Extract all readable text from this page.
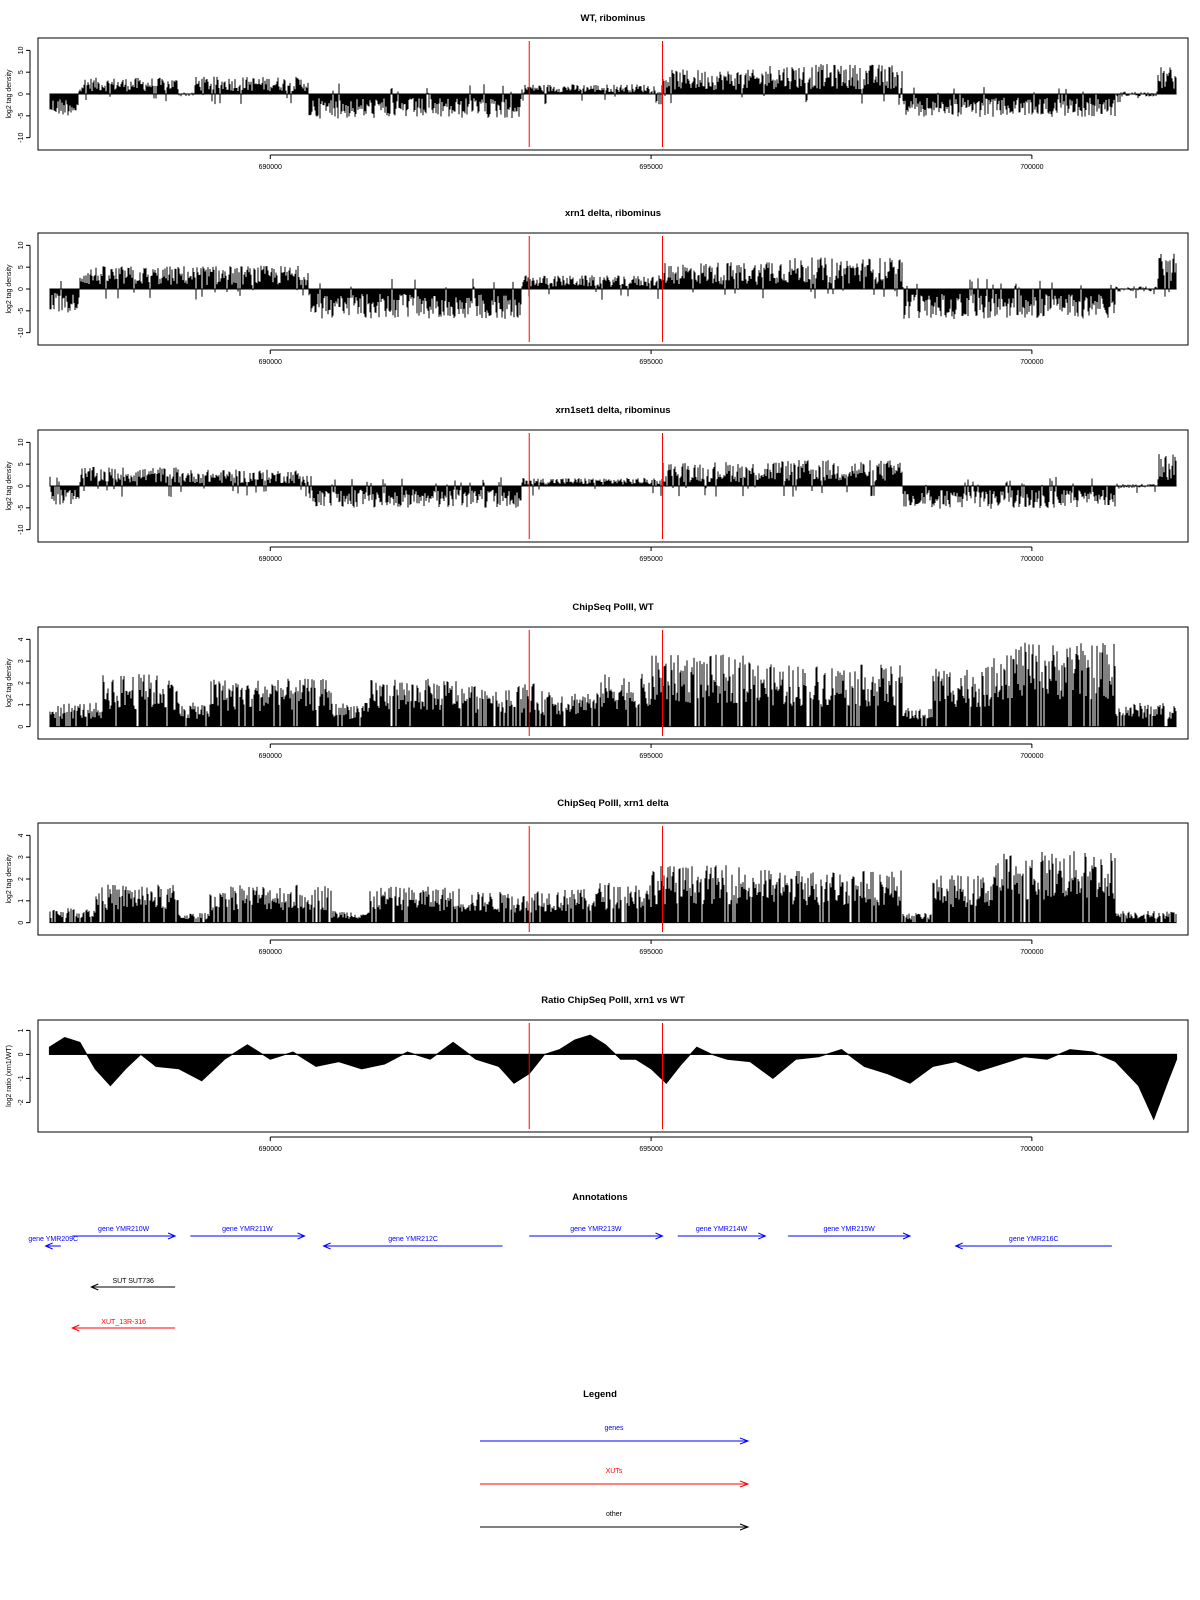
WT, ribominus
-10
-5
0
5
10
log2 tag density
690000	695000	700000
xrn1 delta, ribominus
-10
-5
0
5
10
log2 tag density
690000	695000	700000
xrn1set1 delta, ribominus
-10
-5
0
5
10
log2 tag density
690000	695000	700000
ChipSeq PolII, WT
0
1
2
3
4
log2 tag density
690000	695000	700000
ChipSeq PolII, xrn1 delta
0
1
2
3
4
log2 tag density
690000	695000	700000
Ratio ChipSeq PolII, xrn1 vs WT
-2
-1
0
1
log2 ratio (xrn1/WT)
690000	695000	700000
Annotations
gene YMR209C
gene YMR210W	gene YMR211W
gene YMR212C
gene YMR213W	gene YMR214W	gene YMR215W
gene YMR216C
SUT SUT736
XUT_13R-316
Legend
genes
XUTs
other
